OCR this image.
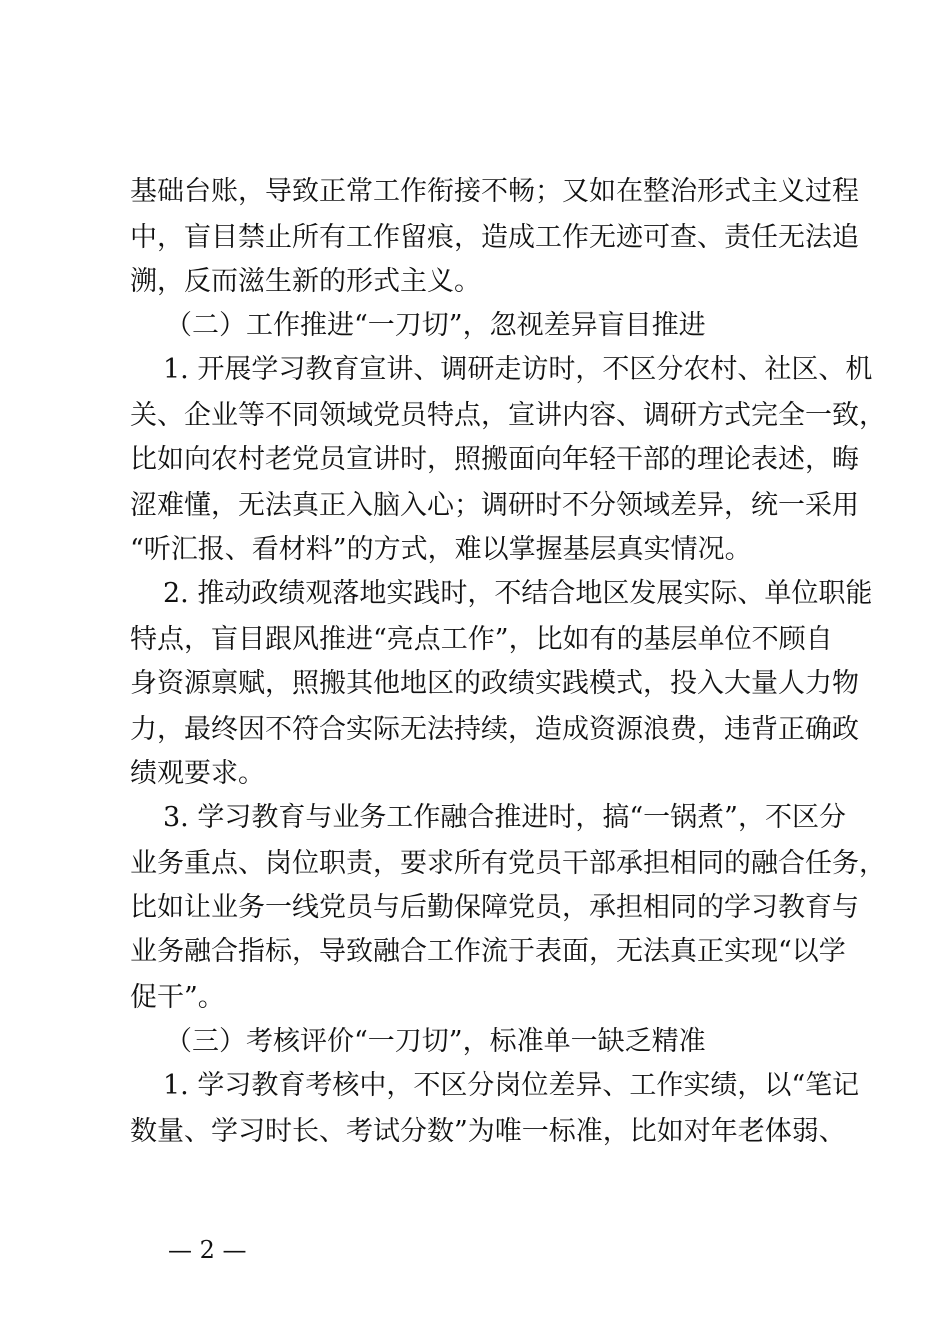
基础台账，导致正常工作衔接不畅；又如在整治形式主义过程
中，盲目禁止所有工作留痕，造成工作无迹可查、责任无法追
溯，反而滋生新的形式主义。
（二）工作推进“一刀切”，忽视差异盲目推进
1. 开展学习教育宣讲、调研走访时，不区分农村、社区、机
关、企业等不同领域党员特点，宣讲内容、调研方式完全一致，
比如向农村老党员宣讲时，照搬面向年轻干部的理论表述，晦
涩难懂，无法真正入脑入心；调研时不分领域差异，统一采用
“听汇报、看材料”的方式，难以掌握基层真实情况。
2. 推动政绩观落地实践时，不结合地区发展实际、单位职能
特点，盲目跟风推进“亮点工作”，比如有的基层单位不顾自
身资源禀赋，照搬其他地区的政绩实践模式，投入大量人力物
力，最终因不符合实际无法持续，造成资源浪费，违背正确政
绩观要求。
3. 学习教育与业务工作融合推进时，搞“一锅煮”，不区分
业务重点、岗位职责，要求所有党员干部承担相同的融合任务，
比如让业务一线党员与后勤保障党员，承担相同的学习教育与
业务融合指标，导致融合工作流于表面，无法真正实现“以学
促干”。
（三）考核评价“一刀切”，标准单一缺乏精准
1. 学习教育考核中，不区分岗位差异、工作实绩，以“笔记
数量、学习时长、考试分数”为唯一标准，比如对年老体弱、
— 2 —
